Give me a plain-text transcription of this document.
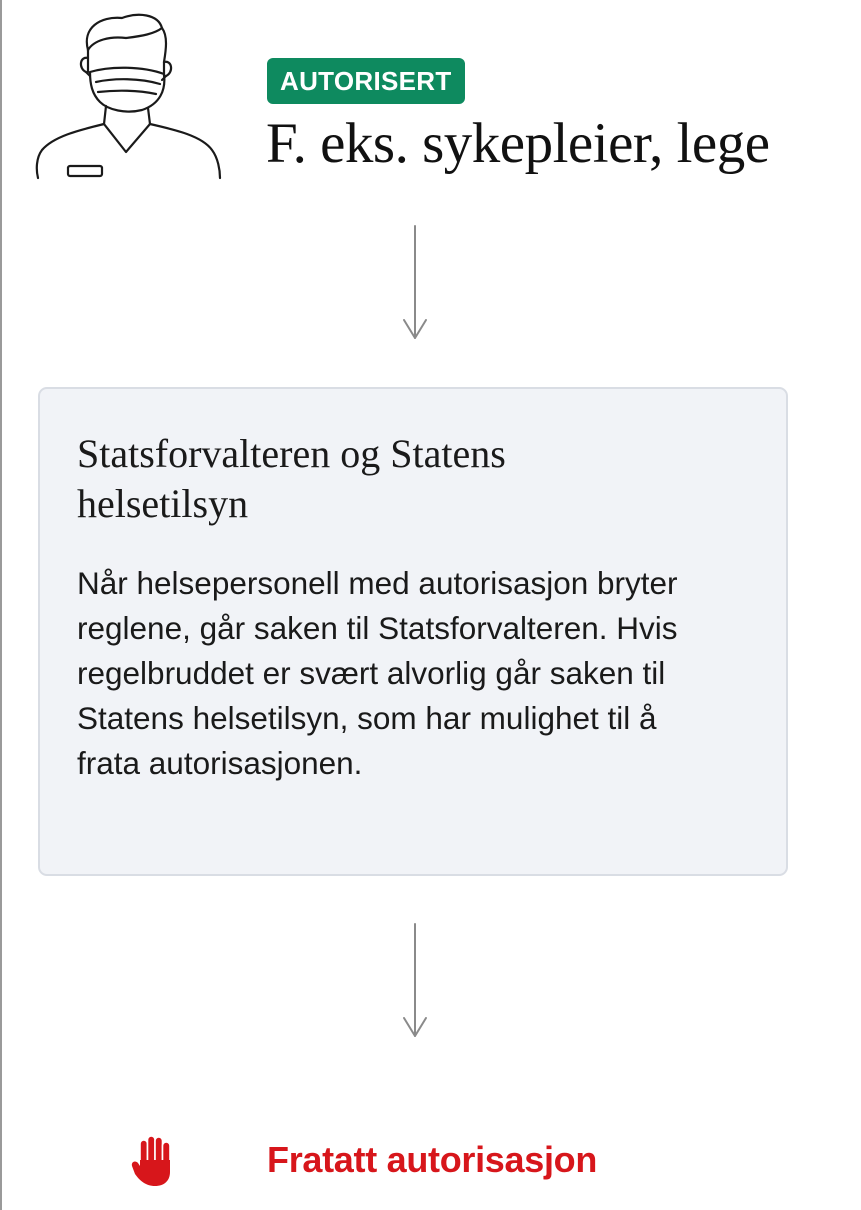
AUTORISERT
F. eks. sykepleier, lege
Statsforvalteren og Statens helsetilsyn

Når helsepersonell med autorisasjon bryter reglene, går saken til Statsforvalteren. Hvis regelbruddet er svært alvorlig går saken til Statens helsetilsyn, som har mulighet til å frata autorisasjonen.

Fratatt autorisasjon
